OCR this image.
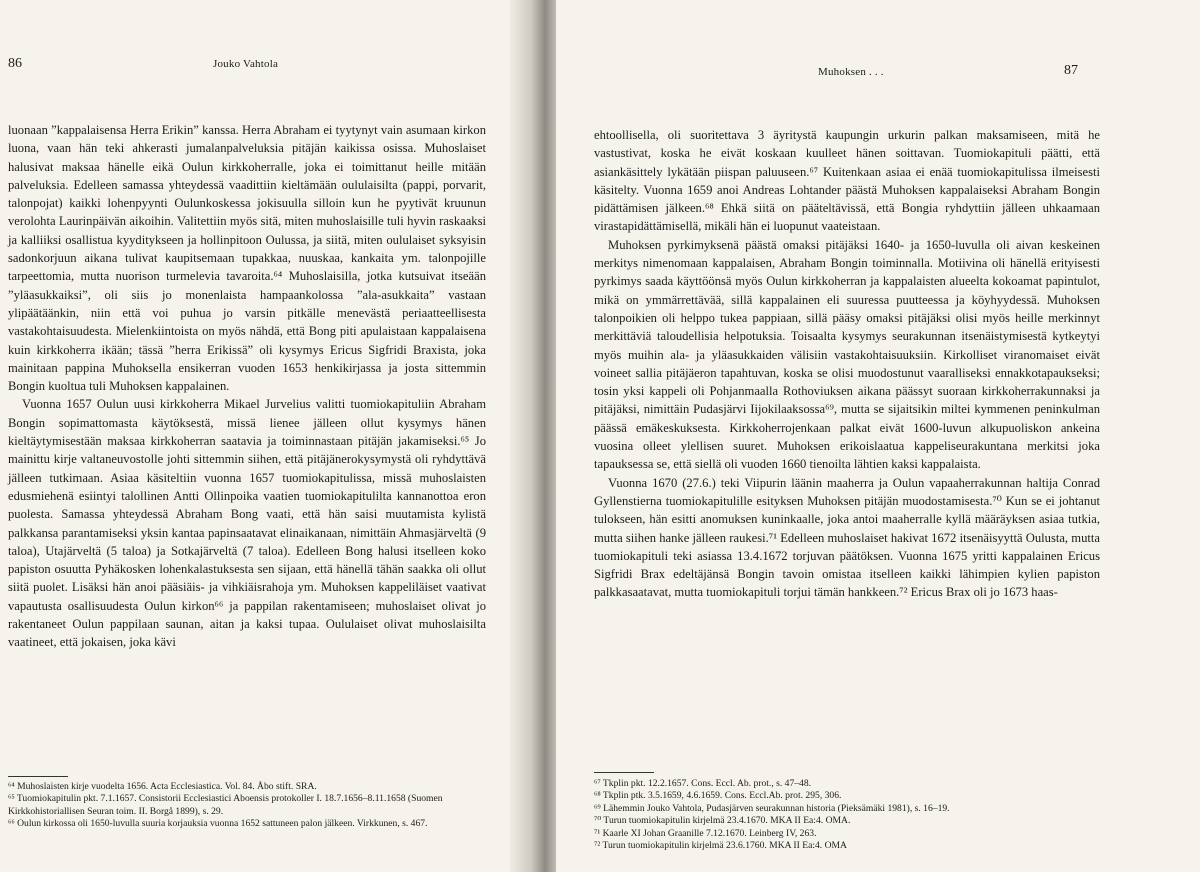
86	Jouko Vahtola

luonaan ”kappalaisensa Herra Erikin” kanssa. Herra Abraham ei tyytynyt vain asumaan kirkon luona, vaan hän teki ahkerasti jumalanpalveluksia pitäjän kaikissa osissa. Muhoslaiset halusivat maksaa hänelle eikä Oulun kirkkoherralle, joka ei toimittanut heille mitään palveluksia. Edelleen samassa yhteydessä vaadittiin kieltämään oululaisilta (pappi, porvarit, talonpojat) kaikki lohenpyynti Oulunkoskessa jokisuulla silloin kun he pyytivät kruunun verolohta Laurinpäivän aikoihin. Valitettiin myös sitä, miten muhoslaisille tuli hyvin raskaaksi ja kalliiksi osallistua kyyditykseen ja hollinpitoon Oulussa, ja siitä, miten oululaiset syksyisin sadonkorjuun aikana tulivat kaupitsemaan tupakkaa, nuuskaa, kankaita ym. talonpojille tarpeettomia, mutta nuorison turmelevia tavaroita.⁶⁴ Muhoslaisilla, jotka kutsuivat itseään ”yläasukkaiksi”, oli siis jo monenlaista hampaankolossa ”ala-asukkaita” vastaan ylipäätäänkin, niin että voi puhua jo varsin pitkälle menevästä periaatteellisesta vastakohtaisuudesta. Mielenkiintoista on myös nähdä, että Bong piti apulaistaan kappalaisena kuin kirkkoherra ikään; tässä ”herra Erikissä” oli kysymys Ericus Sigfridi Braxista, joka mainitaan pappina Muhoksella ensikerran vuoden 1653 henkikirjassa ja josta sittemmin Bongin kuoltua tuli Muhoksen kappalainen.

Vuonna 1657 Oulun uusi kirkkoherra Mikael Jurvelius valitti tuomiokapituliin Abraham Bongin sopimattomasta käytöksestä, missä lienee jälleen ollut kysymys hänen kieltäytymisestään maksaa kirkkoherran saatavia ja toiminnastaan pitäjän jakamiseksi.⁶⁵ Jo mainittu kirje valtaneuvostolle johti sittemmin siihen, että pitäjänerokysymystä oli ryhdyttävä jälleen tutkimaan. Asiaa käsiteltiin vuonna 1657 tuomiokapitulissa, missä muhoslaisten edusmiehenä esiintyi talollinen Antti Ollinpoika vaatien tuomiokapitulilta kannanottoa eron puolesta. Samassa yhteydessä Abraham Bong vaati, että hän saisi muutamista kylistä palkkansa parantamiseksi yksin kantaa papinsaatavat elinaikanaan, nimittäin Ahmasjärveltä (9 taloa), Utajärveltä (5 taloa) ja Sotkajärveltä (7 taloa). Edelleen Bong halusi itselleen koko papiston osuutta Pyhäkosken lohenkalastuksesta sen sijaan, että hänellä tähän saakka oli ollut siitä puolet. Lisäksi hän anoi pääsiäis- ja vihkiäisrahoja ym. Muhoksen kappeliläiset vaativat vapautusta osallisuudesta Oulun kirkon⁶⁶ ja pappilan rakentamiseen; muhoslaiset olivat jo rakentaneet Oulun pappilaan saunan, aitan ja kaksi tupaa. Oululaiset olivat muhoslaisilta vaatineet, että jokaisen, joka kävi

⁶⁴ Muhoslaisten kirje vuodelta 1656. Acta Ecclesiastica. Vol. 84. Åbo stift. SRA.
⁶⁵ Tuomiokapitulin pkt. 7.1.1657. Consistorii Ecclesiastici Aboensis protokoller I. 18.7.1656–8.11.1658 (Suomen Kirkkohistoriallisen Seuran toim. II. Borgå 1899), s. 29.
⁶⁶ Oulun kirkossa oli 1650-luvulla suuria korjauksia vuonna 1652 sattuneen palon jälkeen. Virkkunen, s. 467.
Muhoksen . . .	87

ehtoollisella, oli suoritettava 3 äyritystä kaupungin urkurin palkan maksamiseen, mitä he vastustivat, koska he eivät koskaan kuulleet hänen soittavan. Tuomiokapituli päätti, että asiankäsittely lykätään piispan paluuseen.⁶⁷ Kuitenkaan asiaa ei enää tuomiokapitulissa ilmeisesti käsitelty. Vuonna 1659 anoi Andreas Lohtander päästä Muhoksen kappalaiseksi Abraham Bongin pidättämisen jälkeen.⁶⁸ Ehkä siitä on pääteltävissä, että Bongia ryhdyttiin jälleen uhkaamaan virastapidättämisellä, mikäli hän ei luopunut vaateistaan.

Muhoksen pyrkimyksenä päästä omaksi pitäjäksi 1640- ja 1650-luvulla oli aivan keskeinen merkitys nimenomaan kappalaisen, Abraham Bongin toiminnalla. Motiivina oli hänellä erityisesti pyrkimys saada käyttöönsä myös Oulun kirkkoherran ja kappalaisten alueelta kokoamat papintulot, mikä on ymmärrettävää, sillä kappalainen eli suuressa puutteessa ja köyhyydessä. Muhoksen talonpoikien oli helppo tukea pappiaan, sillä pääsy omaksi pitäjäksi olisi myös heille merkinnyt merkittäviä taloudellisia helpotuksia. Toisaalta kysymys seurakunnan itsenäistymisestä kytkeytyi myös muihin ala- ja yläasukkaiden välisiin vastakohtaisuuksiin. Kirkolliset viranomaiset eivät voineet sallia pitäjäeron tapahtuvan, koska se olisi muodostunut vaaralliseksi ennakkotapaukseksi; tosin yksi kappeli oli Pohjanmaalla Rothoviuksen aikana päässyt suoraan kirkkoherrakunnaksi ja pitäjäksi, nimittäin Pudasjärvi Iijokilaaksossa⁶⁹, mutta se sijaitsikin miltei kymmenen peninkulman päässä emäkeskuksesta. Kirkkoherrojenkaan palkat eivät 1600-luvun alkupuoliskon ankeina vuosina olleet ylellisen suuret. Muhoksen erikoislaatua kappeliseurakuntana merkitsi joka tapauksessa se, että siellä oli vuoden 1660 tienoilta lähtien kaksi kappalaista.

Vuonna 1670 (27.6.) teki Viipurin läänin maaherra ja Oulun vapaaherrakunnan haltija Conrad Gyllenstierna tuomiokapitulille esityksen Muhoksen pitäjän muodostamisesta.⁷⁰ Kun se ei johtanut tulokseen, hän esitti anomuksen kuninkaalle, joka antoi maaherralle kyllä määräyksen asiaa tutkia, mutta siihen hanke jälleen raukesi.⁷¹ Edelleen muhoslaiset hakivat 1672 itsenäisyyttä Oulusta, mutta tuomiokapituli teki asiassa 13.4.1672 torjuvan päätöksen. Vuonna 1675 yritti kappalainen Ericus Sigfridi Brax edeltäjänsä Bongin tavoin omistaa itselleen kaikki lähimpien kylien papiston palkkasaatavat, mutta tuomiokapituli torjui tämän hankkeen.⁷² Ericus Brax oli jo 1673 haas-

⁶⁷ Tkplin pkt. 12.2.1657. Cons. Eccl. Ab. prot., s. 47–48.
⁶⁸ Tkplin ptk. 3.5.1659, 4.6.1659. Cons. Eccl.Ab. prot. 295, 306.
⁶⁹ Lähemmin Jouko Vahtola, Pudasjärven seurakunnan historia (Pieksämäki 1981), s. 16–19.
⁷⁰ Turun tuomiokapitulin kirjelmä 23.4.1670. MKA II Ea:4. OMA.
⁷¹ Kaarle XI Johan Graanille 7.12.1670. Leinberg IV, 263.
⁷² Turun tuomiokapitulin kirjelmä 23.6.1760. MKA II Ea:4. OMA
